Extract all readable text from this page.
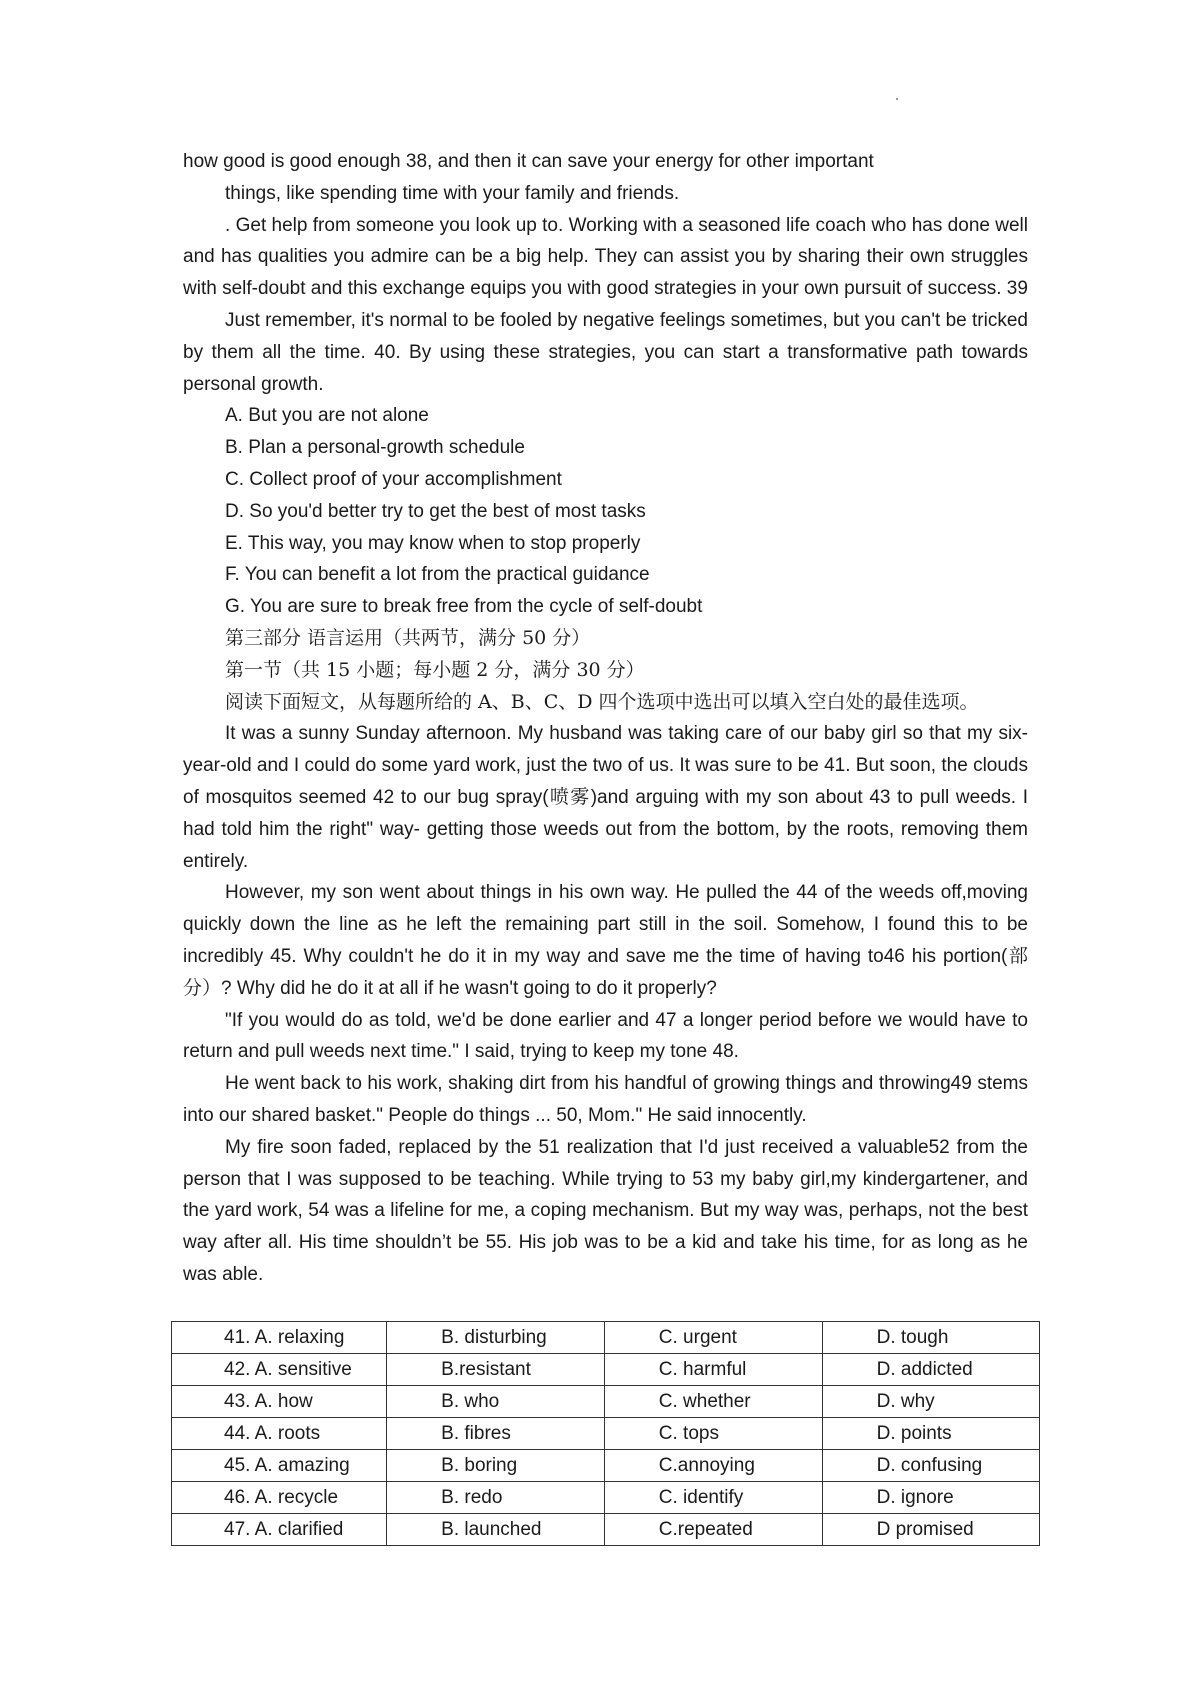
how good is good enough 38, and then it can save your energy for other important

things, like spending time with your family and friends.

. Get help from someone you look up to. Working with a seasoned life coach who has done well and has qualities you admire can be a big help. They can assist you by sharing their own struggles with self-doubt and this exchange equips you with good strategies in your own pursuit of success. 39

Just remember, it's normal to be fooled by negative feelings sometimes, but you can't be tricked by them all the time. 40. By using these strategies, you can start a transformative path towards personal growth.

A. But you are not alone

B. Plan a personal-growth schedule

C. Collect proof of your accomplishment

D. So you'd better try to get the best of most tasks

E. This way, you may know when to stop properly

F. You can benefit a lot from the practical guidance

G. You are sure to break free from the cycle of self-doubt

第三部分 语言运用（共两节，满分 50 分）

第一节（共 15 小题；每小题 2 分，满分 30 分）

阅读下面短文，从每题所给的 A、B、C、D 四个选项中选出可以填入空白处的最佳选项。

It was a sunny Sunday afternoon. My husband was taking care of our baby girl so that my six-year-old and I could do some yard work, just the two of us. It was sure to be 41. But soon, the clouds of mosquitos seemed 42 to our bug spray(喷雾)and arguing with my son about 43 to pull weeds. I had told him the right" way- getting those weeds out from the bottom, by the roots, removing them entirely.

However, my son went about things in his own way. He pulled the 44 of the weeds off,moving quickly down the line as he left the remaining part still in the soil. Somehow, I found this to be incredibly 45. Why couldn't he do it in my way and save me the time of having to46 his portion(部分）? Why did he do it at all if he wasn't going to do it properly?

"If you would do as told, we'd be done earlier and 47 a longer period before we would have to return and pull weeds next time." I said, trying to keep my tone 48.

He went back to his work, shaking dirt from his handful of growing things and throwing49 stems into our shared basket." People do things ... 50, Mom." He said innocently.

My fire soon faded, replaced by the 51 realization that I'd just received a valuable52 from the person that I was supposed to be teaching. While trying to 53 my baby girl,my kindergartener, and the yard work, 54 was a lifeline for me, a coping mechanism. But my way was, perhaps, not the best way after all. His time shouldn’t be 55. His job was to be a kid and take his time, for as long as he was able.

41. A. relaxing	B. disturbing	C. urgent	D. tough
42. A. sensitive	B.resistant	C. harmful	D. addicted
43. A. how	B. who	C. whether	D. why
44. A. roots	B. fibres	C. tops	D. points
45. A. amazing	B. boring	C.annoying	D. confusing
46. A. recycle	B. redo	C. identify	D. ignore
47. A. clarified	B. launched	C.repeated	D promised
